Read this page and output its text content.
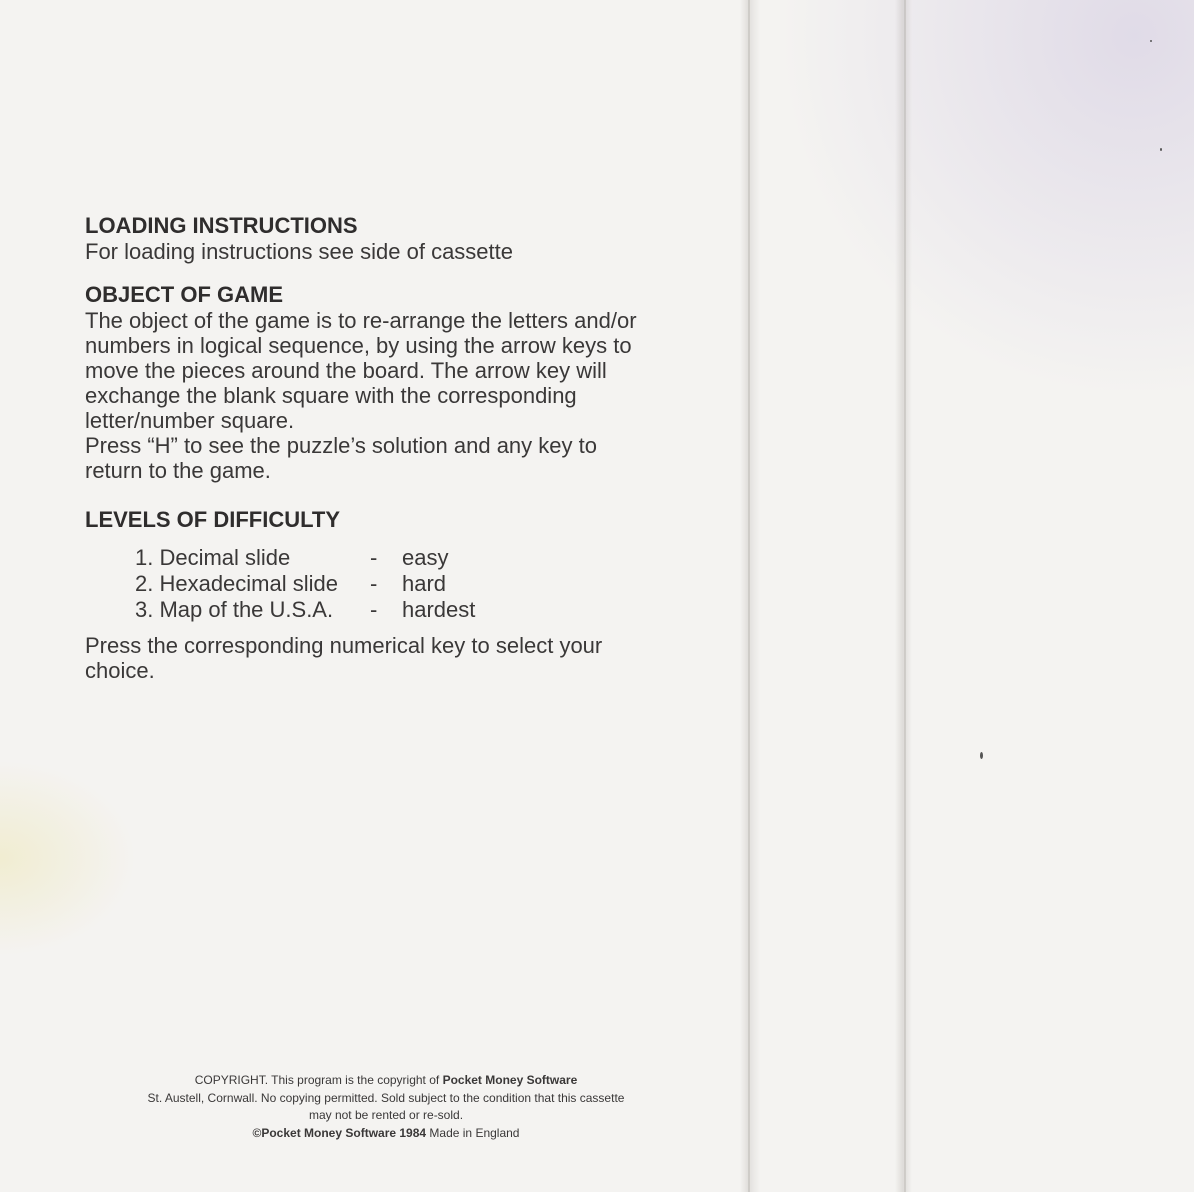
LOADING INSTRUCTIONS

For loading instructions see side of cassette

OBJECT OF GAME

The object of the game is to re-arrange the letters and/or
numbers in logical sequence, by using the arrow keys to
move the pieces around the board. The arrow key will
exchange the blank square with the corresponding
letter/number square.
Press “H” to see the puzzle’s solution and any key to
return to the game.

LEVELS OF DIFFICULTY
1. Decimal slide	-	easy
2. Hexadecimal slide	-	hard
3. Map of the U.S.A.	-	hardest

Press the corresponding numerical key to select your
choice.

COPYRIGHT. This program is the copyright of Pocket Money Software
St. Austell, Cornwall. No copying permitted. Sold subject to the condition that this cassette
may not be rented or re-sold.
©Pocket Money Software 1984 Made in England
